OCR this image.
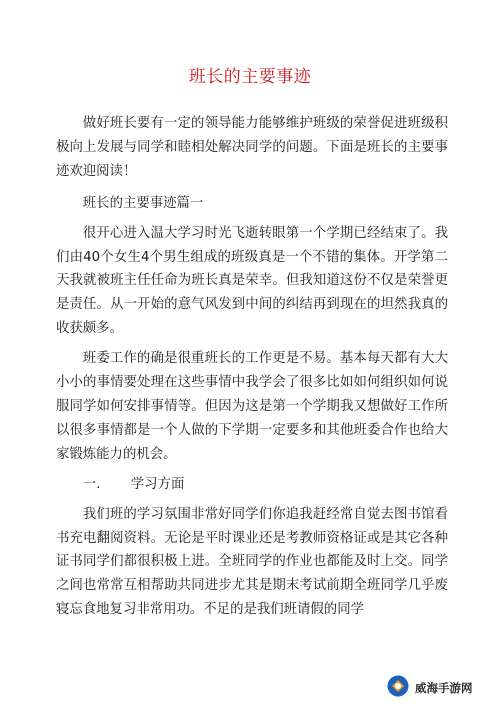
班长的主要事迹

做好班长要有一定的领导能力能够维护班级的荣誉促进班级积极向上发展与同学和睦相处解决同学的问题。下面是班长的主要事迹欢迎阅读！

班长的主要事迹篇一

很开心进入温大学习时光飞逝转眼第一个学期已经结束了。我们由40个女生4个男生组成的班级真是一个不错的集体。开学第二天我就被班主任任命为班长真是荣幸。但我知道这份不仅是荣誉更是责任。从一开始的意气风发到中间的纠结再到现在的坦然我真的收获颇多。

班委工作的确是很重班长的工作更是不易。基本每天都有大大小小的事情要处理在这些事情中我学会了很多比如如何组织如何说服同学如何安排事情等。但因为这是第一个学期我又想做好工作所以很多事情都是一个人做的下学期一定要多和其他班委合作也给大家锻炼能力的机会。

一. 学习方面

我们班的学习氛围非常好同学们你追我赶经常自觉去图书馆看书充电翻阅资料。无论是平时课业还是考教师资格证或是其它各种证书同学们都很积极上进。全班同学的作业也都能及时上交。同学之间也常常互相帮助共同进步尤其是期末考试前期全班同学几乎废寝忘食地复习非常用功。不足的是我们班请假的同学

威海手游网
